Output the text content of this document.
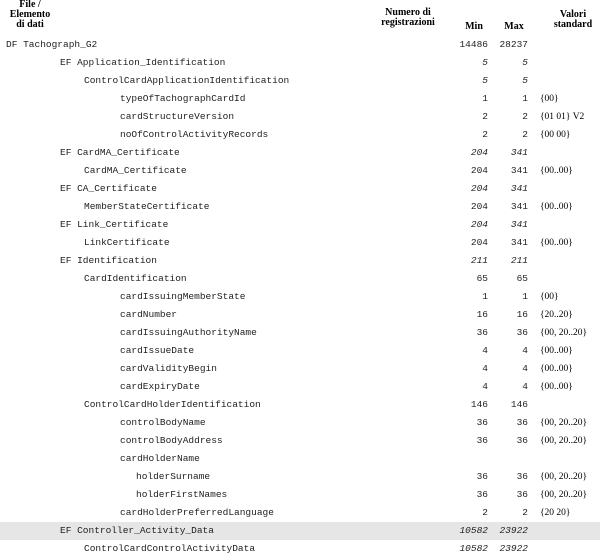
File /
Elemento
di dati
Numero di
registrazioni	Min	Max
Valori
standard
DF Tachograph_G2	14486	28237
EF Application_Identification	5	5
ControlCardApplicationIdentification	5	5
typeOfTachographCardId	1	1 {00}
cardStructureVersion	2	2 {01 01} V2
noOfControlActivityRecords	2	2 {00 00}
EF CardMA_Certificate	204	341
CardMA_Certificate	204	341 {00..00}
EF CA_Certificate	204	341
MemberStateCertificate	204	341 {00..00}
EF Link_Certificate	204	341
LinkCertificate	204	341 {00..00}
EF Identification	211	211
CardIdentification	65	65
cardIssuingMemberState	1	1 {00}
cardNumber	16	16 {20..20}
cardIssuingAuthorityName	36	36 {00, 20..20}
cardIssueDate	4	4 {00..00}
cardValidityBegin	4	4 {00..00}
cardExpiryDate	4	4 {00..00}
ControlCardHolderIdentification	146	146
controlBodyName	36	36 {00, 20..20}
controlBodyAddress	36	36 {00, 20..20}
cardHolderName
holderSurname	36	36 {00, 20..20}
holderFirstNames	36	36 {00, 20..20}
cardHolderPreferredLanguage	2	2 {20 20}
EF Controller_Activity_Data	10582	23922
ControlCardControlActivityData	10582	23922
